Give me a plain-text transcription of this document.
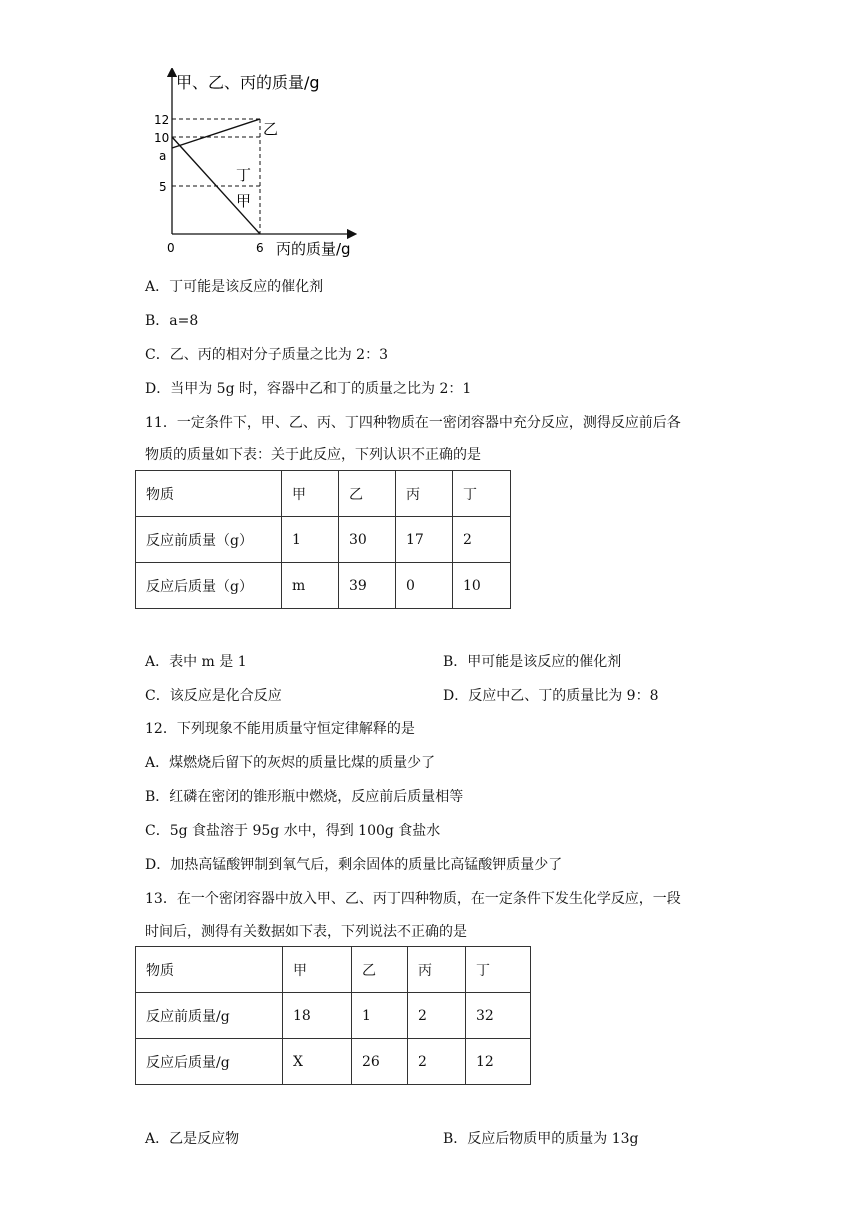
甲、乙、丙的质量/g
12
10
a
5
0	6 丙的质量/g
乙
丁
甲
A．丁可能是该反应的催化剂
B．a=8
C．乙、丙的相对分子质量之比为 2：3
D．当甲为 5g 时，容器中乙和丁的质量之比为 2：1
11．一定条件下，甲、乙、丙、丁四种物质在一密闭容器中充分反应，测得反应前后各
物质的质量如下表：关于此反应，下列认识不正确的是
物质	甲	乙	丙	丁
反应前质量（g）	1	30	17	2
反应后质量（g）	m	39	0	10
A．表中 m 是 1	B．甲可能是该反应的催化剂
C．该反应是化合反应	D．反应中乙、丁的质量比为 9：8
12．下列现象不能用质量守恒定律解释的是
A．煤燃烧后留下的灰烬的质量比煤的质量少了
B．红磷在密闭的锥形瓶中燃烧，反应前后质量相等
C．5g 食盐溶于 95g 水中，得到 100g 食盐水
D．加热高锰酸钾制到氧气后，剩余固体的质量比高锰酸钾质量少了
13．在一个密闭容器中放入甲、乙、丙丁四种物质，在一定条件下发生化学反应，一段
时间后，测得有关数据如下表，下列说法不正确的是
物质	甲	乙	丙	丁
反应前质量/g	18	1	2	32
反应后质量/g	X	26	2	12
A．乙是反应物	B．反应后物质甲的质量为 13g
